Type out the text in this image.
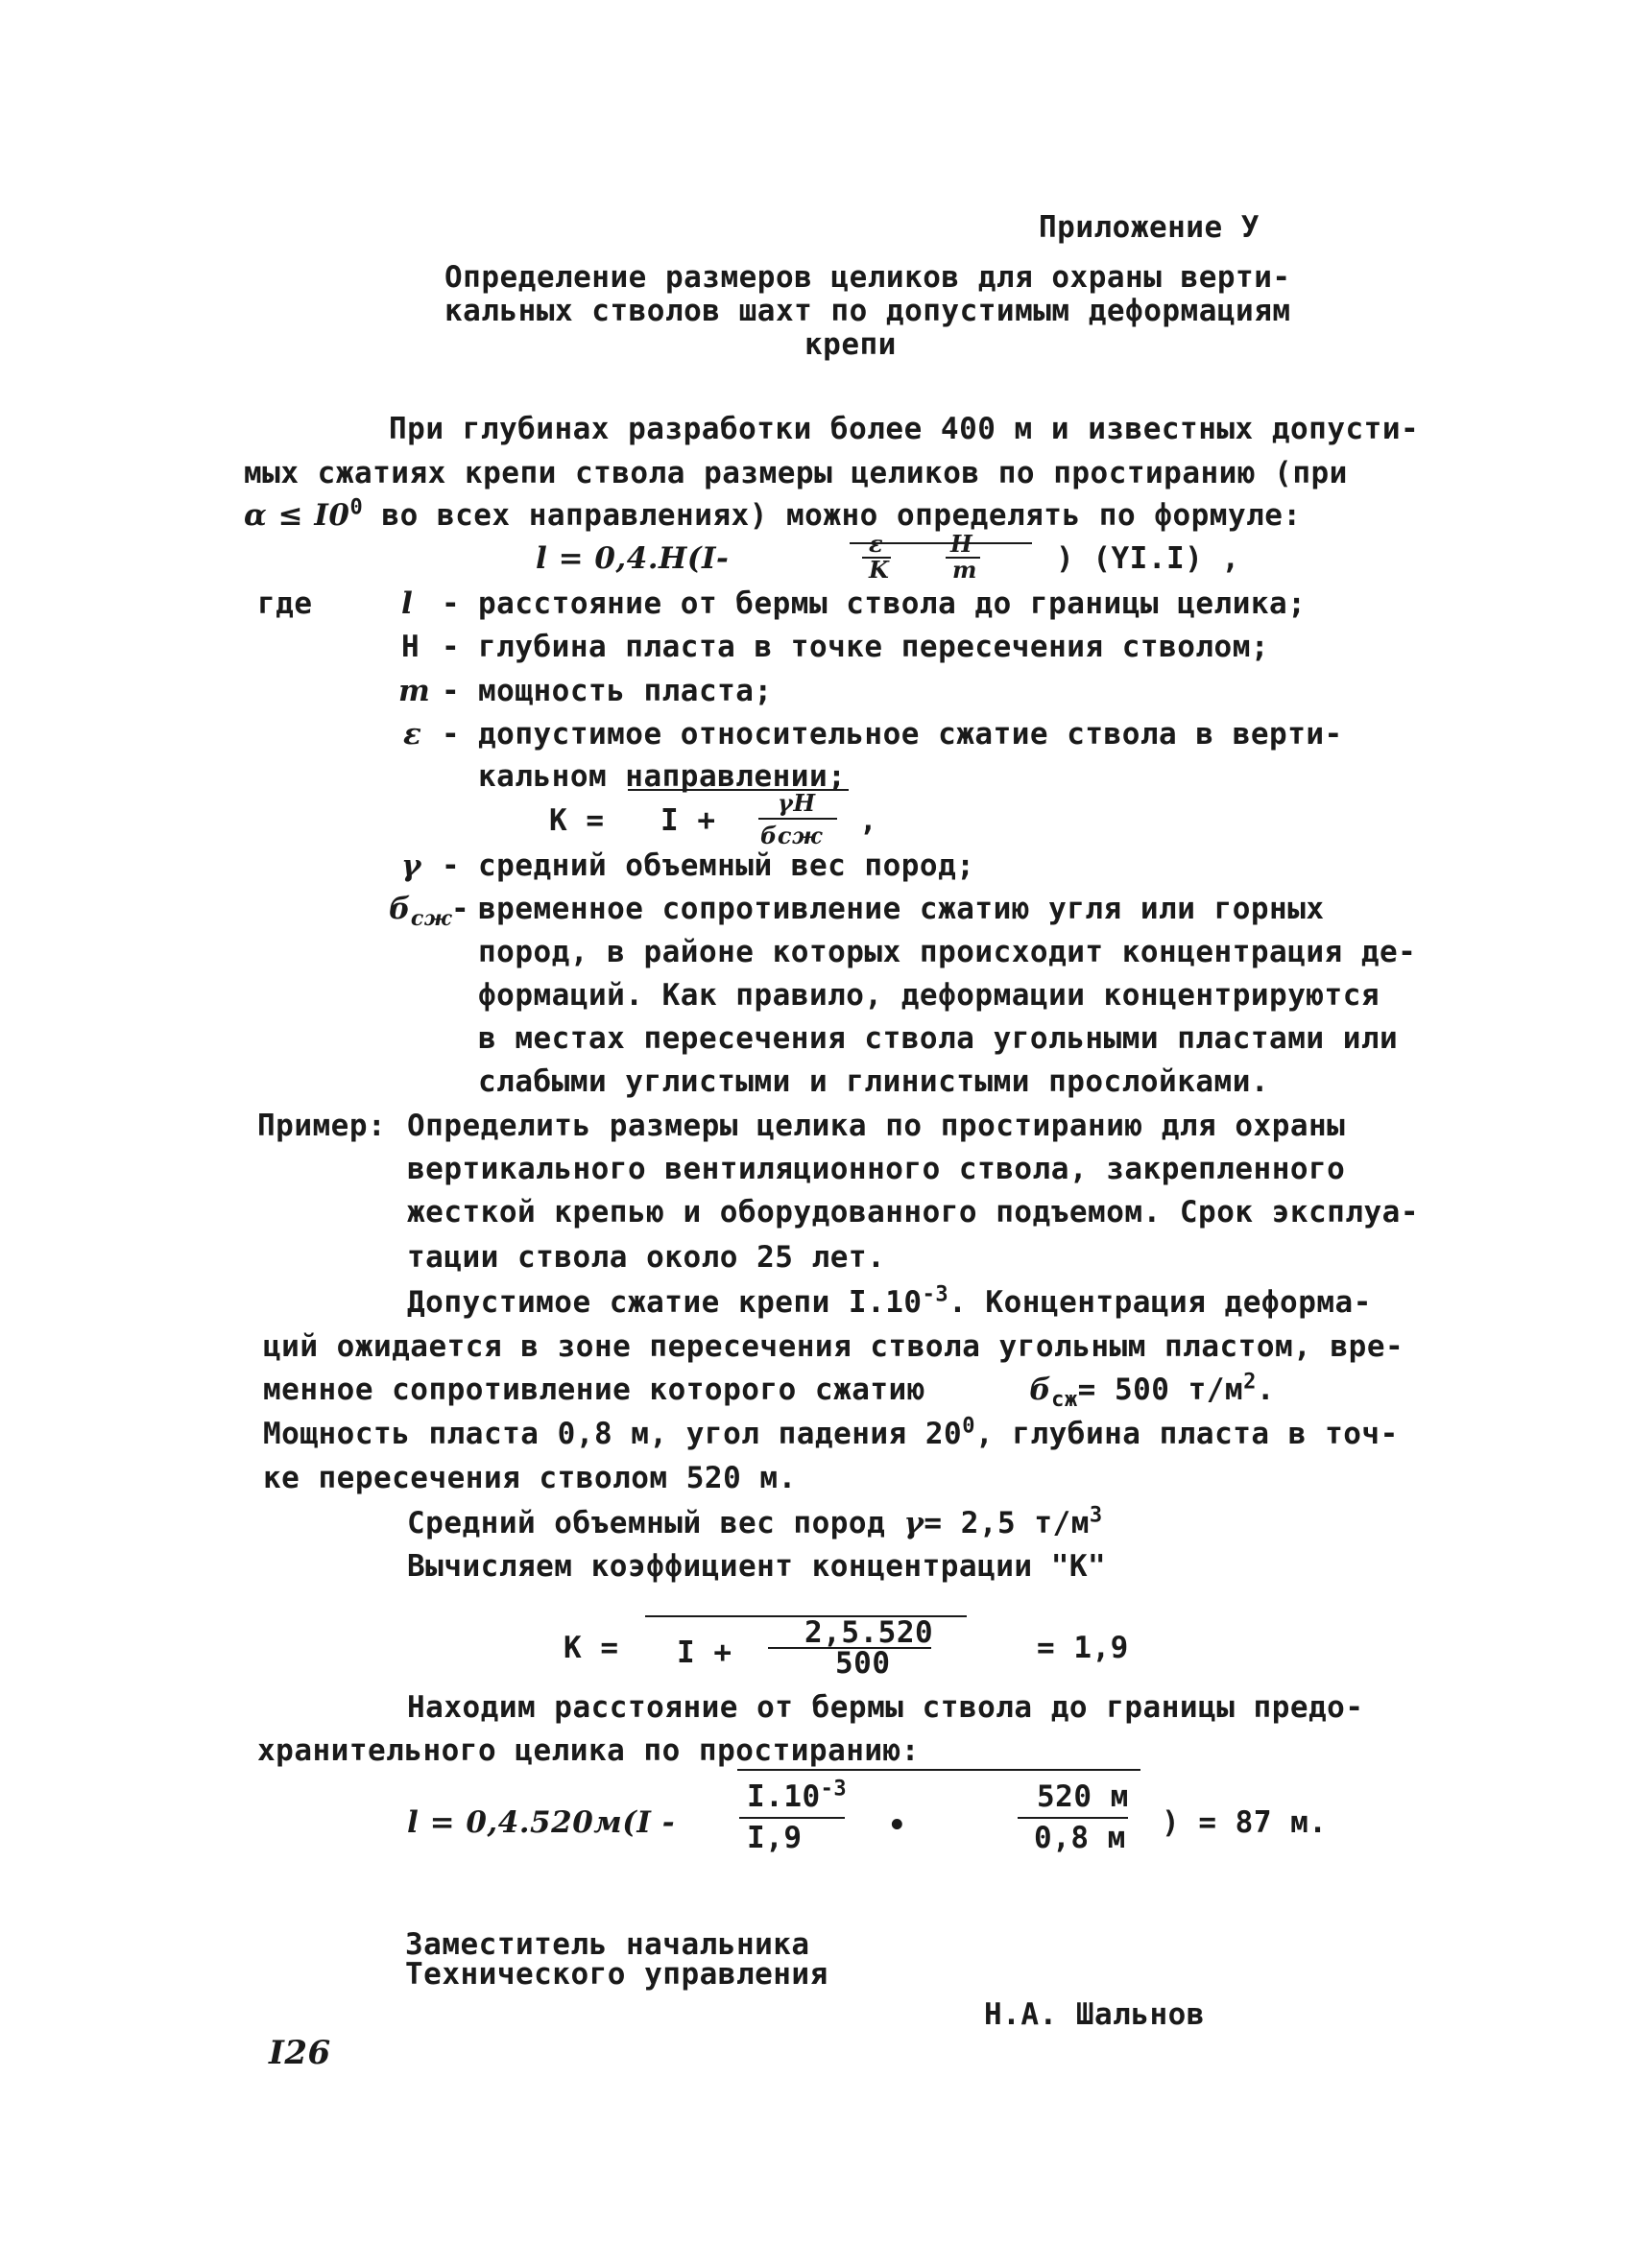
Приложение У
Определение размеров целиков для охраны верти-
кальных стволов шахт по допустимым деформациям
крепи
При глубинах разработки более 400 м и известных допусти-
мых сжатиях крепи ствола размеры целиков по простиранию (при
$\alpha \le I0^0$ во всех направлениях) можно определять по формуле:
l = 0,4.H(I-	ε
K
H
m	) (YI.I) ,
где	l - расстояние от бермы ствола до границы целика;
H - глубина пласта в точке пересечения стволом;
m - мощность пласта;
ε - допустимое относительное сжатие ствола в верти-
кальном направлении;
K = I +
γH
бсж ,
γ - средний объемный вес пород;
$б_{сж}$
- временное сопротивление сжатию угля или горных
пород, в районе которых происходит концентрация де-
формаций. Как правило, деформации концентрируются
в местах пересечения ствола угольными пластами или
слабыми углистыми и глинистыми прослойками.
Пример: Определить размеры целика по простиранию для охраны
вертикального вентиляционного ствола, закрепленного
жесткой крепью и оборудованного подъемом. Срок эксплуа-
тации ствола около 25 лет.
Допустимое сжатие крепи $I.10^{-3}$. Концентрация деформа-
ций ожидается в зоне пересечения ствола угольным пластом, вре-
менное сопротивление которого сжатию	$б_{сж}= 500$ $т/м^2$.
Мощность пласта 0,8 м, угол падения $20^0$, глубина пласта в точ-
ке пересечения стволом 520 м.
Средний объемный вес пород γ= 2,5 $т/м^3$
Вычисляем коэффициент концентрации "K"
K = I +
2,5.520
500	= 1,9
Находим расстояние от бермы ствола до границы предо-
хранительного целика по простиранию:
l = 0,4.520м(I -
$I.10^{-3}$
I,9	•
520 м
0,8 м ) = 87 м.
Заместитель начальника
Технического управления
Н.А. Шальнов
I26
